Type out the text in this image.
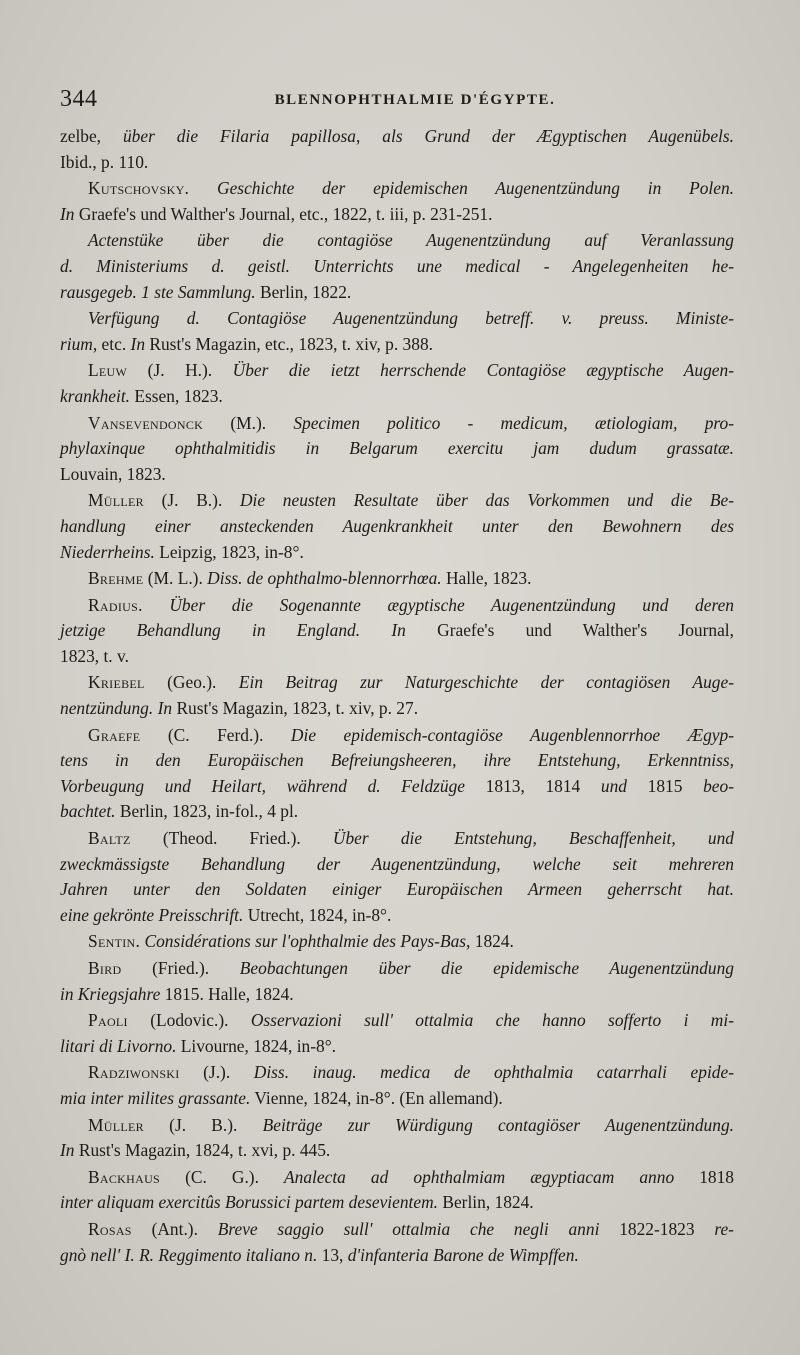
344	BLENNOPHTHALMIE D'ÉGYPTE.
zelbe, über die Filaria papillosa, als Grund der Ægyptischen Augenübels.
Ibid., p. 110.
Kutschovsky. Geschichte der epidemischen Augenentzündung in Polen.
In Graefe's und Walther's Journal, etc., 1822, t. iii, p. 231-251.
Actenstüke über die contagiöse Augenentzündung auf Veranlassung
d. Ministeriums d. geistl. Unterrichts une medical - Angelegenheiten he-
rausgegeb. 1 ste Sammlung. Berlin, 1822.
Verfügung d. Contagiöse Augenentzündung betreff. v. preuss. Ministe-
rium, etc. In Rust's Magazin, etc., 1823, t. xiv, p. 388.
Leuw (J. H.). Über die ietzt herrschende Contagiöse ægyptische Augen-
krankheit. Essen, 1823.
Vansevendonck (M.). Specimen politico - medicum, ætiologiam, pro-
phylaxinque ophthalmitidis in Belgarum exercitu jam dudum grassatæ.
Louvain, 1823.
Müller (J. B.). Die neusten Resultate über das Vorkommen und die Be-
handlung einer ansteckenden Augenkrankheit unter den Bewohnern des
Niederrheins. Leipzig, 1823, in-8°.
Brehme (M. L.). Diss. de ophthalmo-blennorrhœa. Halle, 1823.
Radius. Über die Sogenannte ægyptische Augenentzündung und deren
jetzige Behandlung in England. In Graefe's und Walther's Journal,
1823, t. v.
Kriebel (Geo.). Ein Beitrag zur Naturgeschichte der contagiösen Auge-
nentzündung. In Rust's Magazin, 1823, t. xiv, p. 27.
Graefe (C. Ferd.). Die epidemisch-contagiöse Augenblennorrhoe Ægyp-
tens in den Europäischen Befreiungsheeren, ihre Entstehung, Erkenntniss,
Vorbeugung und Heilart, während d. Feldzüge 1813, 1814 und 1815 beo-
bachtet. Berlin, 1823, in-fol., 4 pl.
Baltz (Theod. Fried.). Über die Entstehung, Beschaffenheit, und
zweckmässigste Behandlung der Augenentzündung, welche seit mehreren
Jahren unter den Soldaten einiger Europäischen Armeen geherrscht hat.
eine gekrönte Preisschrift. Utrecht, 1824, in-8°.
Sentin. Considérations sur l'ophthalmie des Pays-Bas, 1824.
Bird (Fried.). Beobachtungen über die epidemische Augenentzündung
in Kriegsjahre 1815. Halle, 1824.
Paoli (Lodovic.). Osservazioni sull' ottalmia che hanno sofferto i mi-
litari di Livorno. Livourne, 1824, in-8°.
Radziwonski (J.). Diss. inaug. medica de ophthalmia catarrhali epide-
mia inter milites grassante. Vienne, 1824, in-8°. (En allemand).
Müller (J. B.). Beiträge zur Würdigung contagiöser Augenentzündung.
In Rust's Magazin, 1824, t. xvi, p. 445.
Backhaus (C. G.). Analecta ad ophthalmiam ægyptiacam anno 1818
inter aliquam exercitûs Borussici partem desevientem. Berlin, 1824.
Rosas (Ant.). Breve saggio sull' ottalmia che negli anni 1822-1823 re-
gnò nell' I. R. Reggimento italiano n. 13, d'infanteria Barone de Wimpffen.
